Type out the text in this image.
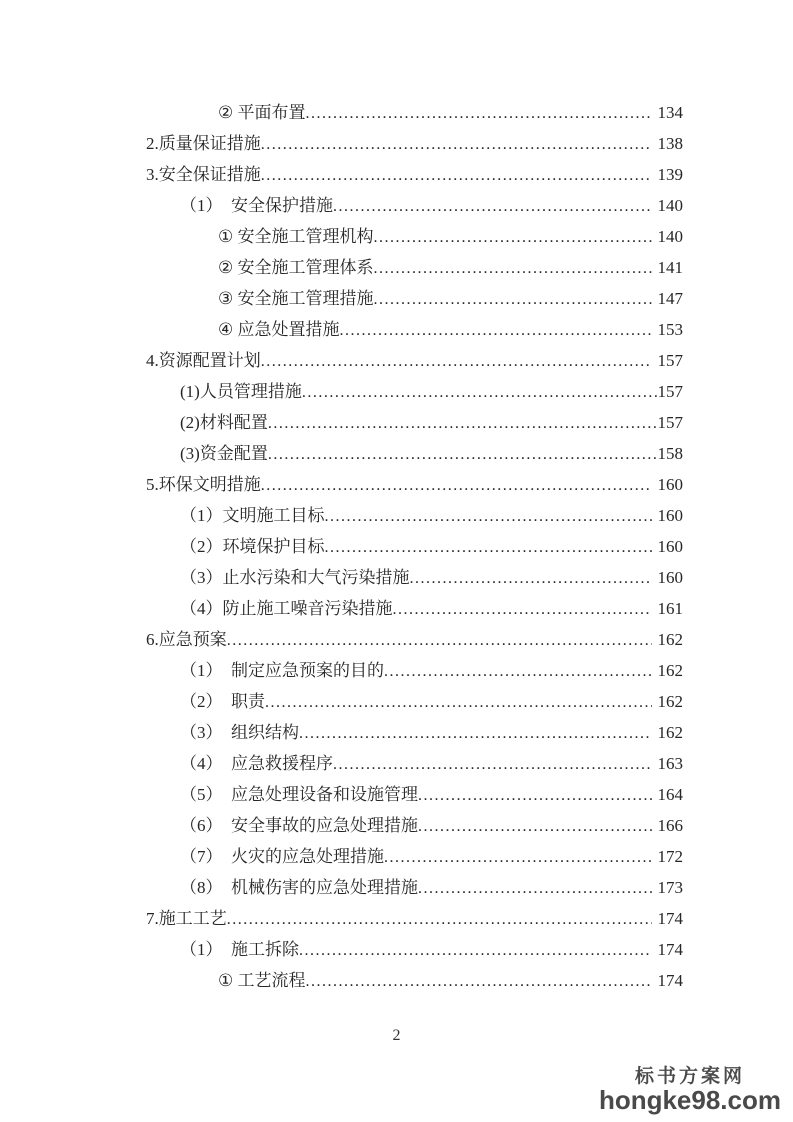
② 平面布置 .....	134
2.质量保证措施 .....	138
3.安全保证措施 .....	139
（1）　安全保护措施 .....	140
① 安全施工管理机构 .....	140
② 安全施工管理体系 .....	141
③ 安全施工管理措施 .....	147
④ 应急处置措施 .....	153
4.资源配置计划 .....	157
(1)人员管理措施 .....	157
(2)材料配置 .....	157
(3)资金配置 .....	158
5.环保文明措施 .....	160
（1）文明施工目标 .....	160
（2）环境保护目标 .....	160
（3）止水污染和大气污染措施 .....	160
（4）防止施工噪音污染措施 .....	161
6.应急预案 .....	162
（1）　制定应急预案的目的 .....	162
（2）　职责 .....	162
（3）　组织结构 .....	162
（4）　应急救援程序 .....	163
（5）　应急处理设备和设施管理 .....	164
（6）　安全事故的应急处理措施 .....	166
（7）　火灾的应急处理措施 .....	172
（8）　机械伤害的应急处理措施 .....	173
7.施工工艺 .....	174
（1）　施工拆除 .....	174
① 工艺流程 .....	174
2
标书方案网
hongke98.com
